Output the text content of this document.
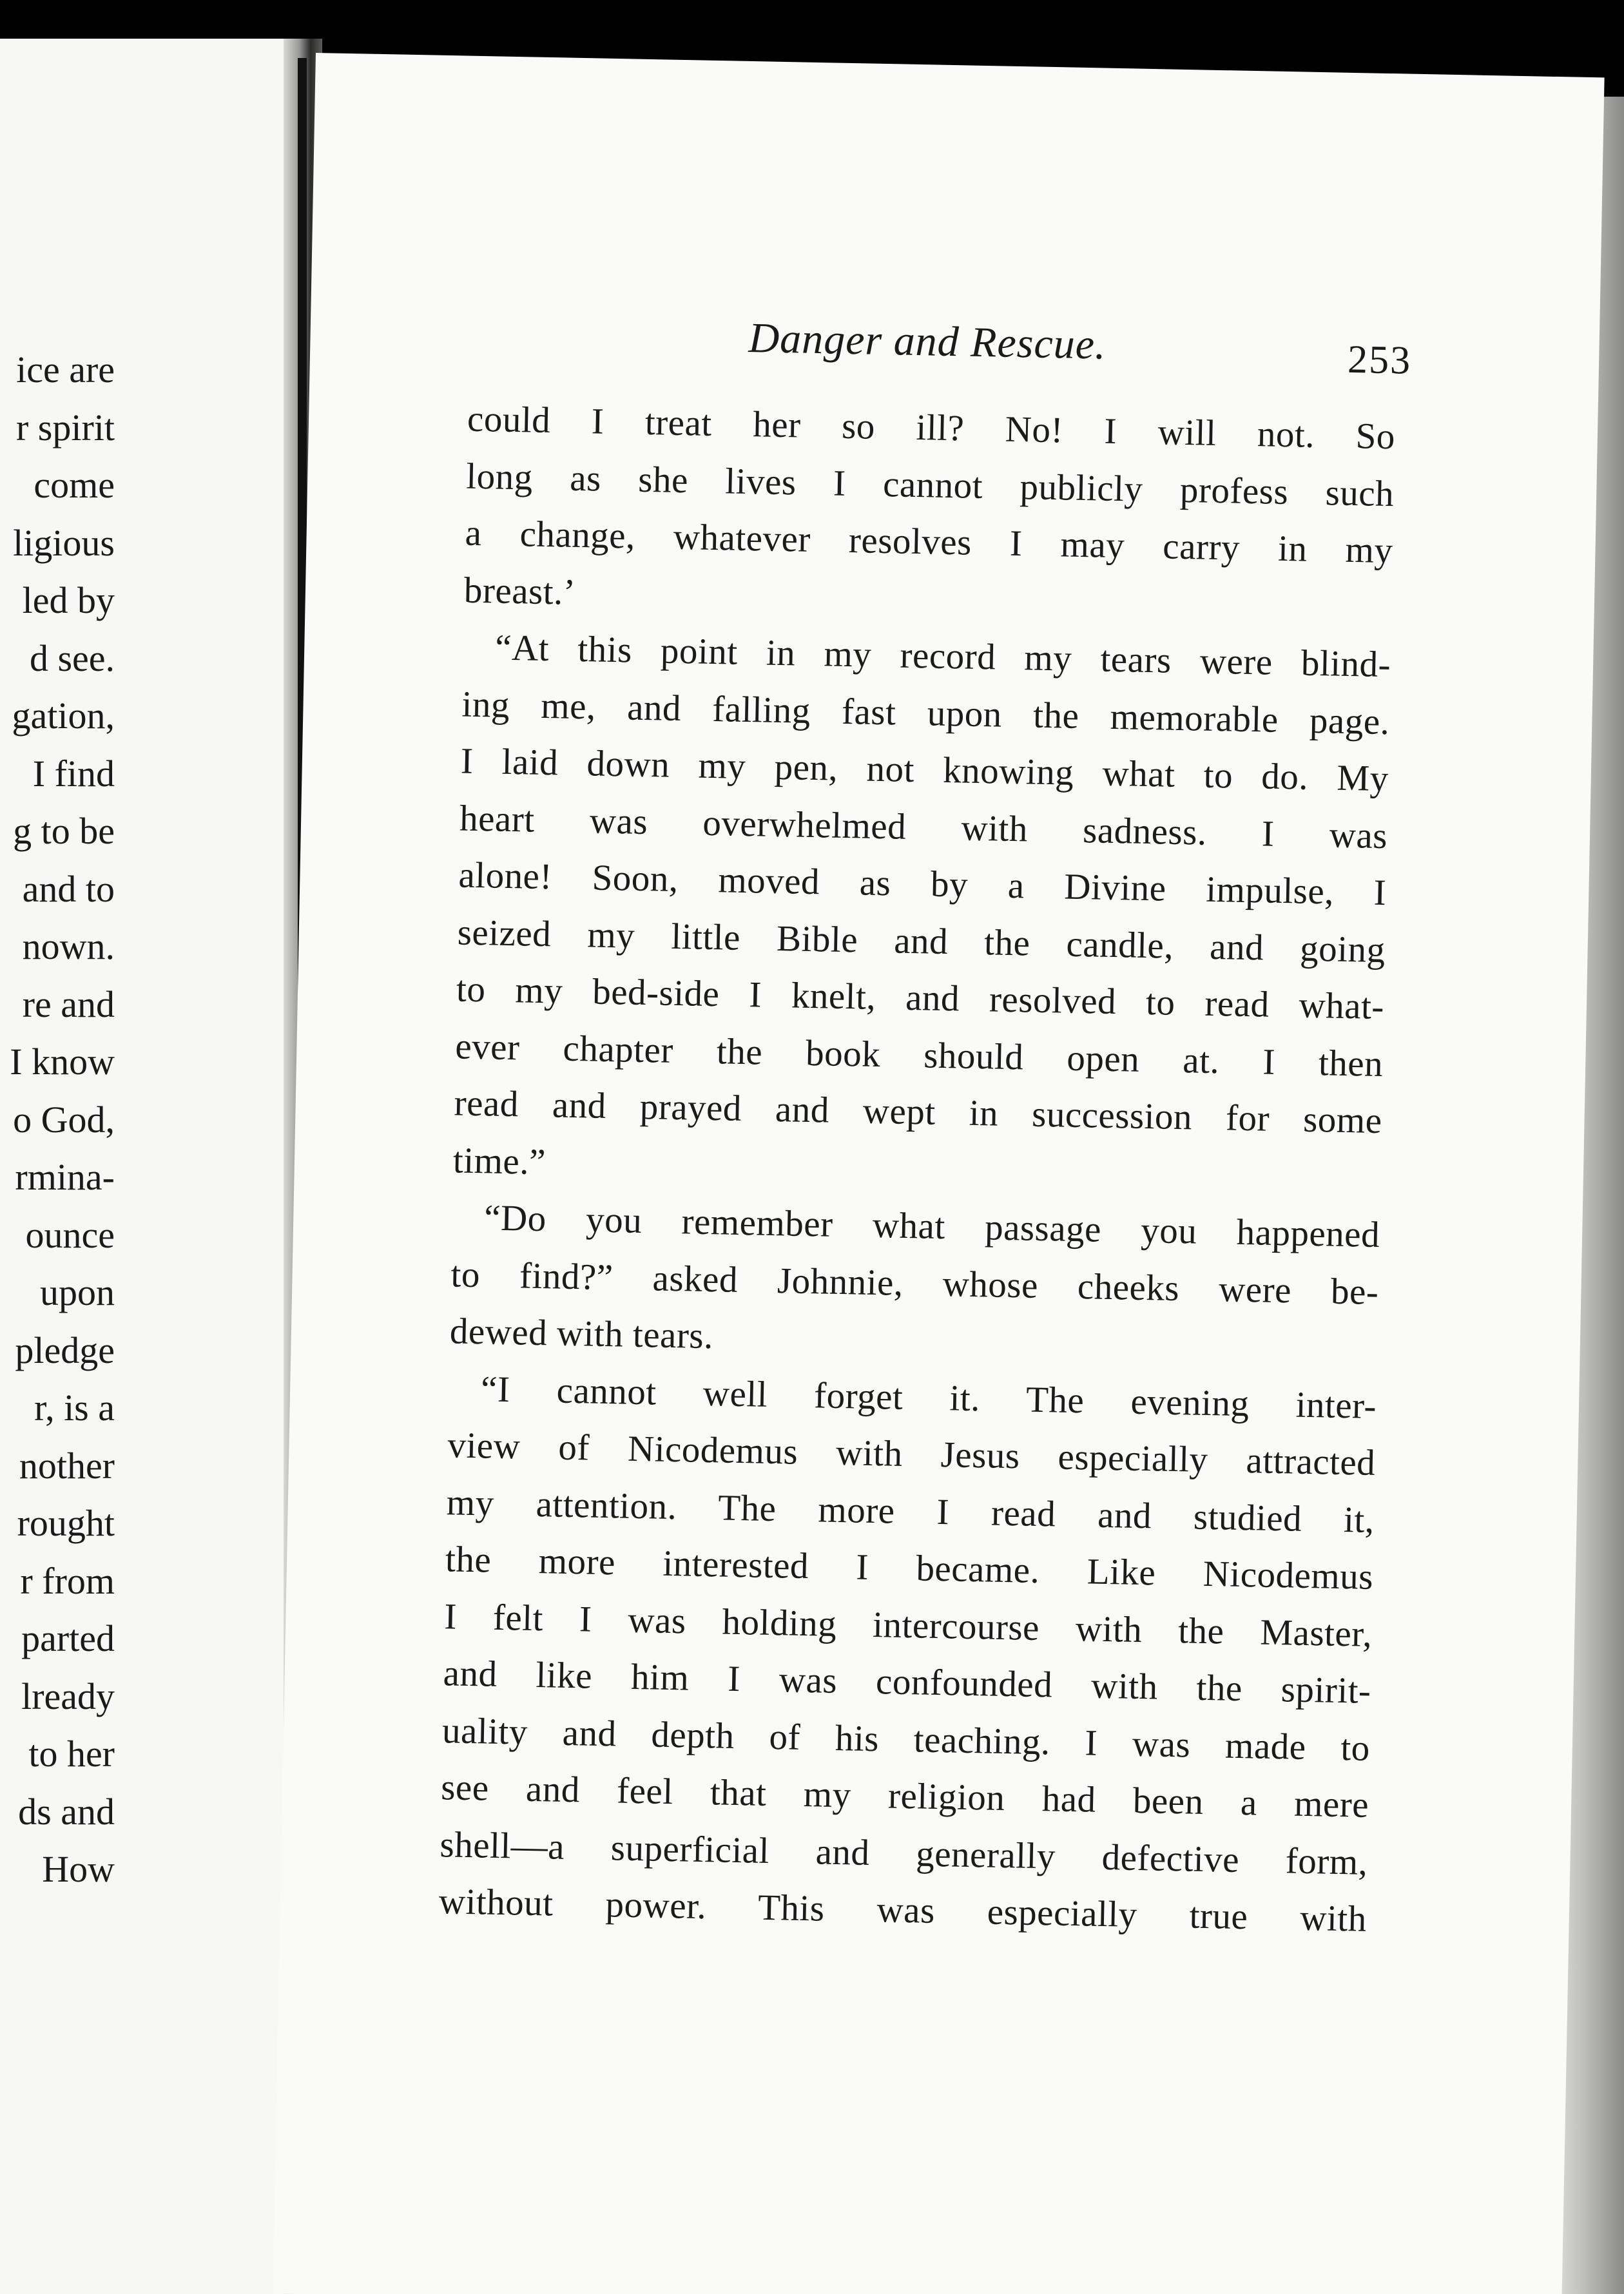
ice are
r spirit
come
ligious
led by
d see.
gation,
I find
g to be
and to
nown.
re and
I know
o God,
rmina-
ounce
upon
pledge
r, is a
nother
rought
r from
parted
lready
to her
ds and
How
Danger and Rescue.	253
could I treat her so ill? No! I will not. So
long as she lives I cannot publicly profess such
a change, whatever resolves I may carry in my
breast.’
“At this point in my record my tears were blind-
ing me, and falling fast upon the memorable page.
I laid down my pen, not knowing what to do. My
heart was overwhelmed with sadness. I was
alone! Soon, moved as by a Divine impulse, I
seized my little Bible and the candle, and going
to my bed-side I knelt, and resolved to read what-
ever chapter the book should open at. I then
read and prayed and wept in succession for some
time.”
“Do you remember what passage you happened
to find?” asked Johnnie, whose cheeks were be-
dewed with tears.
“I cannot well forget it. The evening inter-
view of Nicodemus with Jesus especially attracted
my attention. The more I read and studied it,
the more interested I became. Like Nicodemus
I felt I was holding intercourse with the Master,
and like him I was confounded with the spirit-
uality and depth of his teaching. I was made to
see and feel that my religion had been a mere
shell—a superficial and generally defective form,
without power. This was especially true with
